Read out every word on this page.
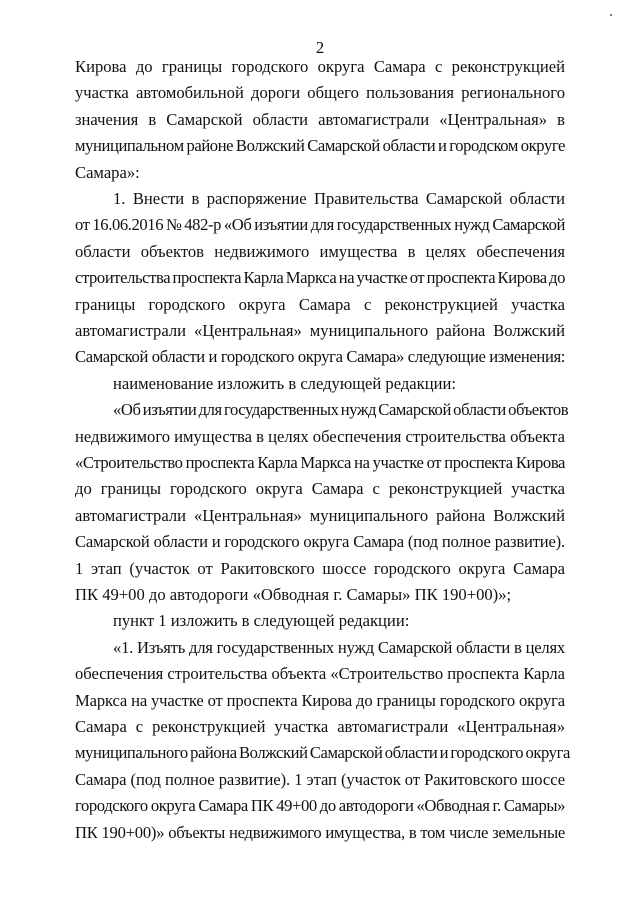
2
Кирова до границы городского округа Самара с реконструкцией
участка автомобильной дороги общего пользования регионального
значения в Самарской области автомагистрали «Центральная» в
муниципальном районе Волжский Самарской области и городском округе
Самара»:
1. Внести в распоряжение Правительства Самарской области
от 16.06.2016 № 482-р «Об изъятии для государственных нужд Самарской
области объектов недвижимого имущества в целях обеспечения
строительства проспекта Карла Маркса на участке от проспекта Кирова до
границы городского округа Самара с реконструкцией участка
автомагистрали «Центральная» муниципального района Волжский
Самарской области и городского округа Самара» следующие изменения:
наименование изложить в следующей редакции:
«Об изъятии для государственных нужд Самарской области объектов
недвижимого имущества в целях обеспечения строительства объекта
«Строительство проспекта Карла Маркса на участке от проспекта Кирова
до границы городского округа Самара с реконструкцией участка
автомагистрали «Центральная» муниципального района Волжский
Самарской области и городского округа Самара (под полное развитие).
1 этап (участок от Ракитовского шоссе городского округа Самара
ПК 49+00 до автодороги «Обводная г. Самары» ПК 190+00)»;
пункт 1 изложить в следующей редакции:
«1. Изъять для государственных нужд Самарской области в целях
обеспечения строительства объекта «Строительство проспекта Карла
Маркса на участке от проспекта Кирова до границы городского округа
Самара с реконструкцией участка автомагистрали «Центральная»
муниципального района Волжский Самарской области и городского округа
Самара (под полное развитие). 1 этап (участок от Ракитовского шоссе
городского округа Самара ПК 49+00 до автодороги «Обводная г. Самары»
ПК 190+00)» объекты недвижимого имущества, в том числе земельные
